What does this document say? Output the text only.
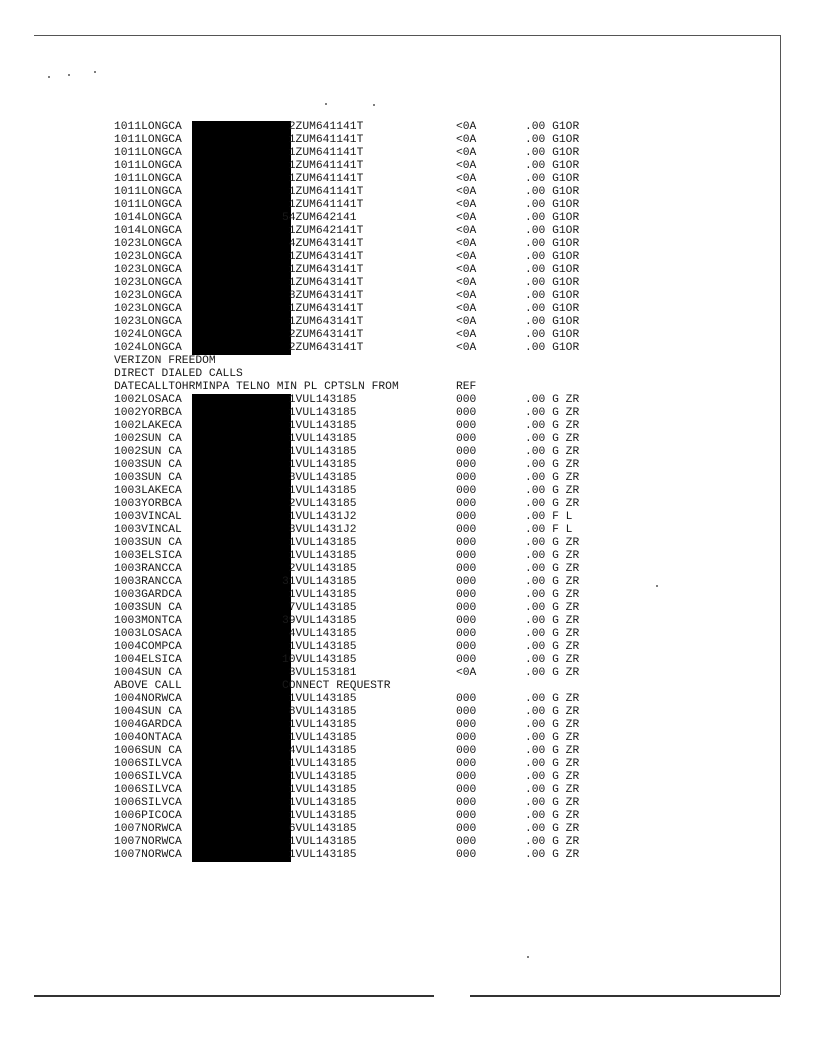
1011LONGCA	2ZUM641141T	<0A	.00 G1OR
1011LONGCA	1ZUM641141T	<0A	.00 G1OR
1011LONGCA	1ZUM641141T	<0A	.00 G1OR
1011LONGCA	1ZUM641141T	<0A	.00 G1OR
1011LONGCA	1ZUM641141T	<0A	.00 G1OR
1011LONGCA	1ZUM641141T	<0A	.00 G1OR
1011LONGCA	1ZUM641141T	<0A	.00 G1OR
1014LONGCA	54ZUM642141	<0A	.00 G1OR
1014LONGCA	1ZUM642141T	<0A	.00 G1OR
1023LONGCA	4ZUM643141T	<0A	.00 G1OR
1023LONGCA	1ZUM643141T	<0A	.00 G1OR
1023LONGCA	1ZUM643141T	<0A	.00 G1OR
1023LONGCA	1ZUM643141T	<0A	.00 G1OR
1023LONGCA	3ZUM643141T	<0A	.00 G1OR
1023LONGCA	1ZUM643141T	<0A	.00 G1OR
1023LONGCA	1ZUM643141T	<0A	.00 G1OR
1024LONGCA	2ZUM643141T	<0A	.00 G1OR
1024LONGCA	2ZUM643141T	<0A	.00 G1OR
VERIZON FREEDOM
DIRECT DIALED CALLS
DATECALLTOHRMINPA TELNO MIN PL CPTSLN FROM	REF
1002LOSACA	1VUL143185	000	.00 G ZR
1002YORBCA	1VUL143185	000	.00 G ZR
1002LAKECA	1VUL143185	000	.00 G ZR
1002SUN CA	1VUL143185	000	.00 G ZR
1002SUN CA	1VUL143185	000	.00 G ZR
1003SUN CA	1VUL143185	000	.00 G ZR
1003SUN CA	3VUL143185	000	.00 G ZR
1003LAKECA	1VUL143185	000	.00 G ZR
1003YORBCA	2VUL143185	000	.00 G ZR
1003VINCAL	1VUL1431J2	000	.00 F L
1003VINCAL	3VUL1431J2	000	.00 F L
1003SUN CA	1VUL143185	000	.00 G ZR
1003ELSICA	1VUL143185	000	.00 G ZR
1003RANCCA	2VUL143185	000	.00 G ZR
1003RANCCA	31VUL143185	000	.00 G ZR
1003GARDCA	1VUL143185	000	.00 G ZR
1003SUN CA	7VUL143185	000	.00 G ZR
1003MONTCA	39VUL143185	000	.00 G ZR
1003LOSACA	4VUL143185	000	.00 G ZR
1004COMPCA	1VUL143185	000	.00 G ZR
1004ELSICA	10VUL143185	000	.00 G ZR
1004SUN CA	3VUL153181	<0A	.00 G ZR
ABOVE CALL	CONNECT REQUESTR
1004NORWCA	1VUL143185	000	.00 G ZR
1004SUN CA	8VUL143185	000	.00 G ZR
1004GARDCA	1VUL143185	000	.00 G ZR
1004ONTACA	1VUL143185	000	.00 G ZR
1006SUN CA	4VUL143185	000	.00 G ZR
1006SILVCA	1VUL143185	000	.00 G ZR
1006SILVCA	1VUL143185	000	.00 G ZR
1006SILVCA	1VUL143185	000	.00 G ZR
1006SILVCA	1VUL143185	000	.00 G ZR
1006PICOCA	1VUL143185	000	.00 G ZR
1007NORWCA	6VUL143185	000	.00 G ZR
1007NORWCA	1VUL143185	000	.00 G ZR
1007NORWCA	1VUL143185	000	.00 G ZR
